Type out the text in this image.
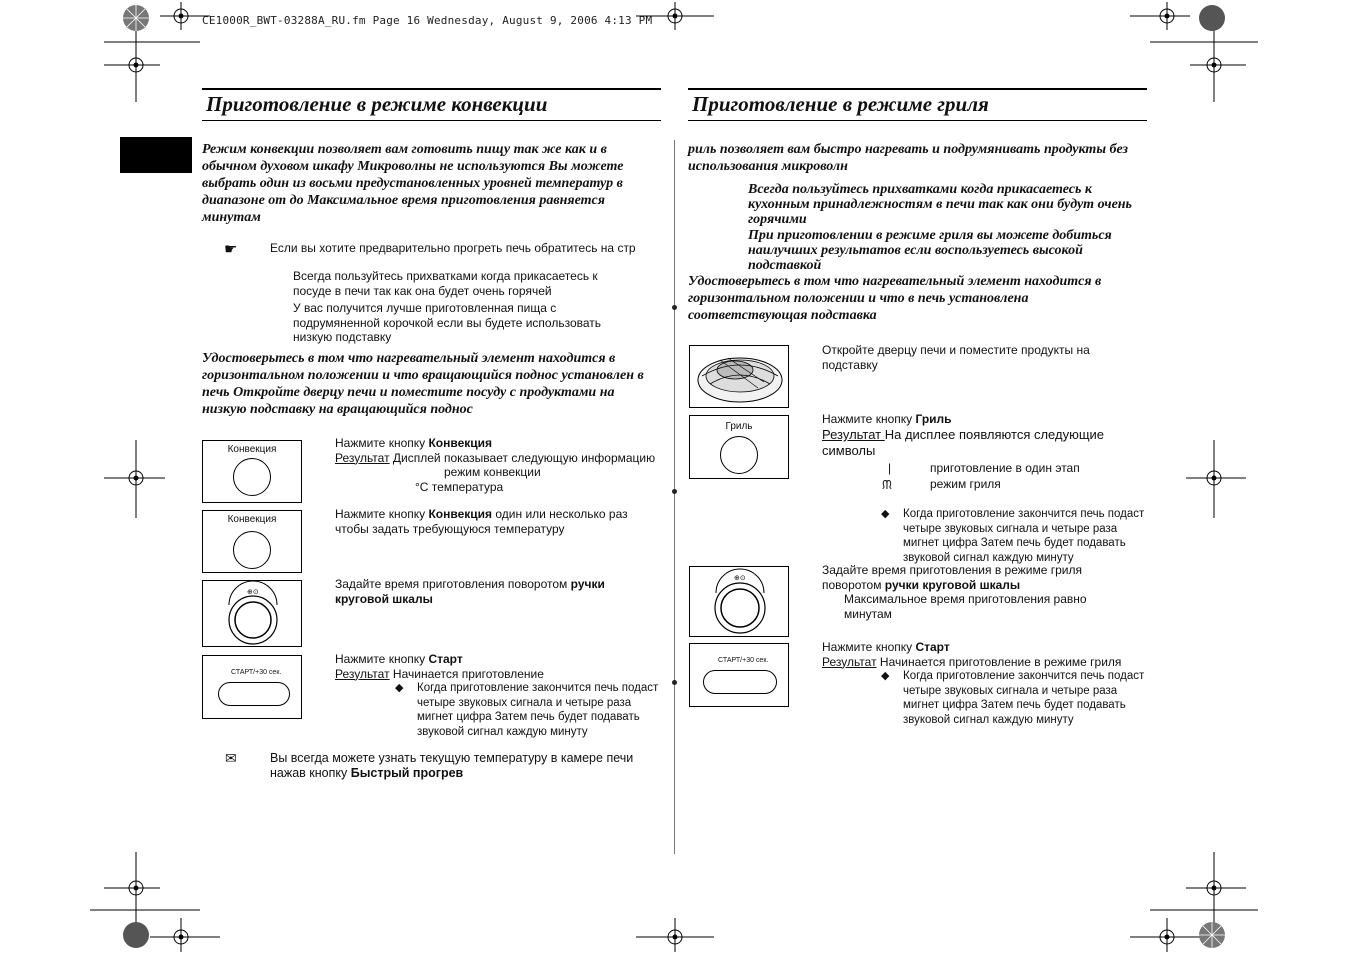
CE1000R_BWT-03288A_RU.fm Page 16 Wednesday, August 9, 2006 4:13 PM
Приготовление в режиме конвекции
Режим конвекции позволяет вам готовить пищу так же как и в обычном духовом шкафу Микроволны не используются Вы можете выбрать один из восьми предустановленных уровней температур в диапазоне от до Максимальное время приготовления равняется минутам
☛	Если вы хотите предварительно прогреть печь обратитесь на стр
Всегда пользуйтесь прихватками когда прикасаетесь к посуде в печи так как она будет очень горячей
У вас получится лучше приготовленная пища с подрумяненной корочкой если вы будете использовать низкую подставку
Удостоверьтесь в том что нагревательный элемент находится в горизонтальном положении и что вращающийся поднос установлен в печь Откройте дверцу печи и поместите посуду с продуктами на низкую подставку на вращающийся поднос
Конвекция
Конвекция
⊕⊙
СТАРТ/+30 сек.
Нажмите кнопку Конвекция
Результат Дисплей показывает следующую информацию
режим конвекции
°С температура
Нажмите кнопку Конвекция один или несколько раз чтобы задать требующуюся температуру
Задайте время приготовления поворотом ручки круговой шкалы
Нажмите кнопку Старт
Результат Начинается приготовление
◆ Когда приготовление закончится печь подаст четыре звуковых сигнала и четыре раза мигнет цифра Затем печь будет подавать звуковой сигнал каждую минуту
✉	Вы всегда можете узнать текущую температуру в камере печи нажав кнопку Быстрый прогрев
Приготовление в режиме гриля
риль позволяет вам быстро нагревать и подрумянивать продукты без использования микроволн
Всегда пользуйтесь прихватками когда прикасаетесь к кухонным принадлежностям в печи так как они будут очень горячими
При приготовлении в режиме гриля вы можете добиться наилучших результатов если воспользуетесь высокой подставкой
Удостоверьтесь в том что нагревательный элемент находится в горизонтальном положении и что в печь установлена соответствующая подставка
Гриль
⊕⊙
СТАРТ/+30 сек.
Откройте дверцу печи и поместите продукты на подставку
Нажмите кнопку Гриль
Результат На дисплее появляются следующие символы
|	приготовление в один этап
ᙏ	режим гриля
◆ Когда приготовление закончится печь подаст четыре звуковых сигнала и четыре раза мигнет цифра Затем печь будет подавать звуковой сигнал каждую минуту
Задайте время приготовления в режиме гриля поворотом ручки круговой шкалы
Максимальное время приготовления равно минутам
Нажмите кнопку Старт
Результат Начинается приготовление в режиме гриля
◆ Когда приготовление закончится печь подаст четыре звуковых сигнала и четыре раза мигнет цифра Затем печь будет подавать звуковой сигнал каждую минуту
